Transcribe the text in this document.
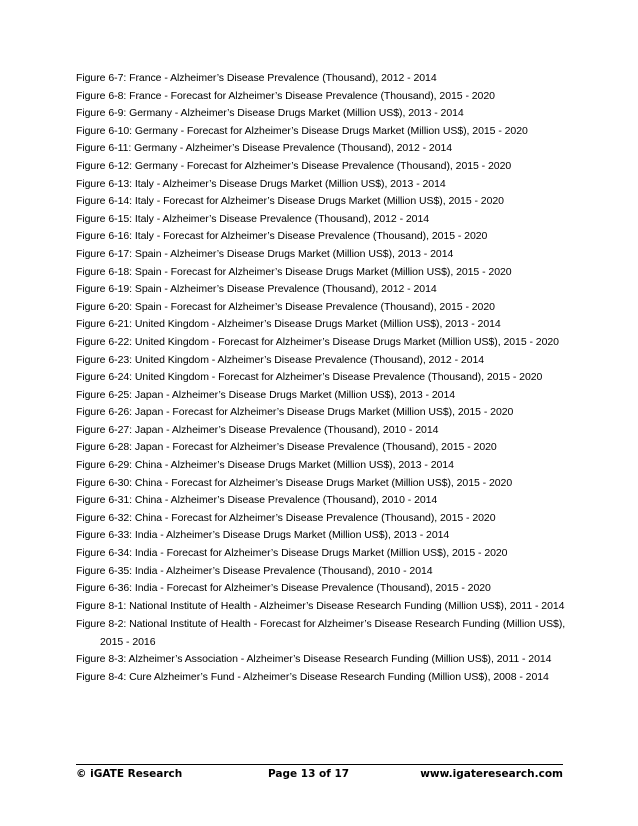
Figure 6-7: France - Alzheimer’s Disease Prevalence (Thousand), 2012 - 2014
Figure 6-8: France - Forecast for Alzheimer’s Disease Prevalence (Thousand), 2015 - 2020
Figure 6-9: Germany - Alzheimer’s Disease Drugs Market (Million US$), 2013 - 2014
Figure 6-10: Germany - Forecast for Alzheimer’s Disease Drugs Market (Million US$), 2015 - 2020
Figure 6-11: Germany - Alzheimer’s Disease Prevalence (Thousand), 2012 - 2014
Figure 6-12: Germany - Forecast for Alzheimer’s Disease Prevalence (Thousand), 2015 - 2020
Figure 6-13: Italy - Alzheimer’s Disease Drugs Market (Million US$), 2013 - 2014
Figure 6-14: Italy - Forecast for Alzheimer’s Disease Drugs Market (Million US$), 2015 - 2020
Figure 6-15: Italy - Alzheimer’s Disease Prevalence (Thousand), 2012 - 2014
Figure 6-16: Italy - Forecast for Alzheimer’s Disease Prevalence (Thousand), 2015 - 2020
Figure 6-17: Spain - Alzheimer’s Disease Drugs Market (Million US$), 2013 - 2014
Figure 6-18: Spain - Forecast for Alzheimer’s Disease Drugs Market (Million US$), 2015 - 2020
Figure 6-19: Spain - Alzheimer’s Disease Prevalence (Thousand), 2012 - 2014
Figure 6-20: Spain - Forecast for Alzheimer’s Disease Prevalence (Thousand), 2015 - 2020
Figure 6-21: United Kingdom - Alzheimer’s Disease Drugs Market (Million US$), 2013 - 2014
Figure 6-22: United Kingdom - Forecast for Alzheimer’s Disease Drugs Market (Million US$), 2015 - 2020
Figure 6-23: United Kingdom - Alzheimer’s Disease Prevalence (Thousand), 2012 - 2014
Figure 6-24: United Kingdom - Forecast for Alzheimer’s Disease Prevalence (Thousand), 2015 - 2020
Figure 6-25: Japan - Alzheimer’s Disease Drugs Market (Million US$), 2013 - 2014
Figure 6-26: Japan - Forecast for Alzheimer’s Disease Drugs Market (Million US$), 2015 - 2020
Figure 6-27: Japan - Alzheimer’s Disease Prevalence (Thousand), 2010 - 2014
Figure 6-28: Japan - Forecast for Alzheimer’s Disease Prevalence (Thousand), 2015 - 2020
Figure 6-29: China - Alzheimer’s Disease Drugs Market (Million US$), 2013 - 2014
Figure 6-30: China - Forecast for Alzheimer’s Disease Drugs Market (Million US$), 2015 - 2020
Figure 6-31: China - Alzheimer’s Disease Prevalence (Thousand), 2010 - 2014
Figure 6-32: China - Forecast for Alzheimer’s Disease Prevalence (Thousand), 2015 - 2020
Figure 6-33: India - Alzheimer’s Disease Drugs Market (Million US$), 2013 - 2014
Figure 6-34: India - Forecast for Alzheimer’s Disease Drugs Market (Million US$), 2015 - 2020
Figure 6-35: India - Alzheimer’s Disease Prevalence (Thousand), 2010 - 2014
Figure 6-36: India - Forecast for Alzheimer’s Disease Prevalence (Thousand), 2015 - 2020
Figure 8-1: National Institute of Health - Alzheimer’s Disease Research Funding (Million US$), 2011 - 2014
Figure 8-2: National Institute of Health - Forecast for Alzheimer’s Disease Research Funding (Million US$), 2015 - 2016
Figure 8-3: Alzheimer’s Association - Alzheimer’s Disease Research Funding (Million US$), 2011 - 2014
Figure 8-4: Cure Alzheimer’s Fund - Alzheimer’s Disease Research Funding (Million US$), 2008 - 2014
© iGATE Research	Page 13 of 17	www.igateresearch.com
